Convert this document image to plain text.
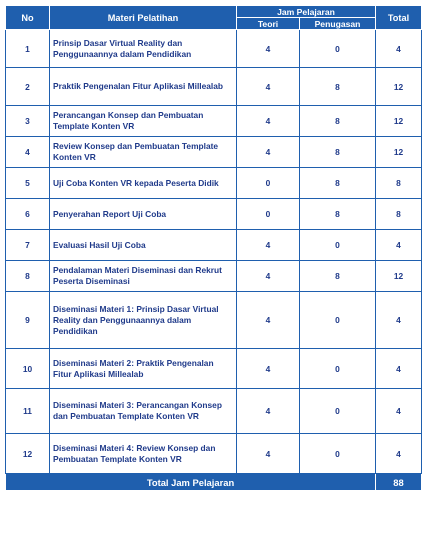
No	Materi Pelatihan	Jam Pelajaran		Total
		Teori	Penugasan	
1	Prinsip Dasar Virtual Reality dan Penggunaannya dalam Pendidikan	4	0	4
2	Praktik Pengenalan Fitur Aplikasi Millealab	4	8	12
3	Perancangan Konsep dan Pembuatan Template Konten VR	4	8	12
4	Review Konsep dan Pembuatan Template Konten VR	4	8	12
5	Uji Coba Konten VR kepada Peserta Didik	0	8	8
6	Penyerahan Report Uji Coba	0	8	8
7	Evaluasi Hasil Uji Coba	4	0	4
8	Pendalaman Materi Diseminasi dan Rekrut Peserta Diseminasi	4	8	12
9	Diseminasi Materi 1: Prinsip Dasar Virtual Reality dan Penggunaannya dalam Pendidikan	4	0	4
10	Diseminasi Materi 2: Praktik Pengenalan Fitur Aplikasi Millealab	4	0	4
11	Diseminasi Materi 3: Perancangan Konsep dan Pembuatan Template Konten VR	4	0	4
12	Diseminasi Materi 4: Review Konsep dan Pembuatan Template Konten VR	4	0	4
Total Jam Pelajaran				88
